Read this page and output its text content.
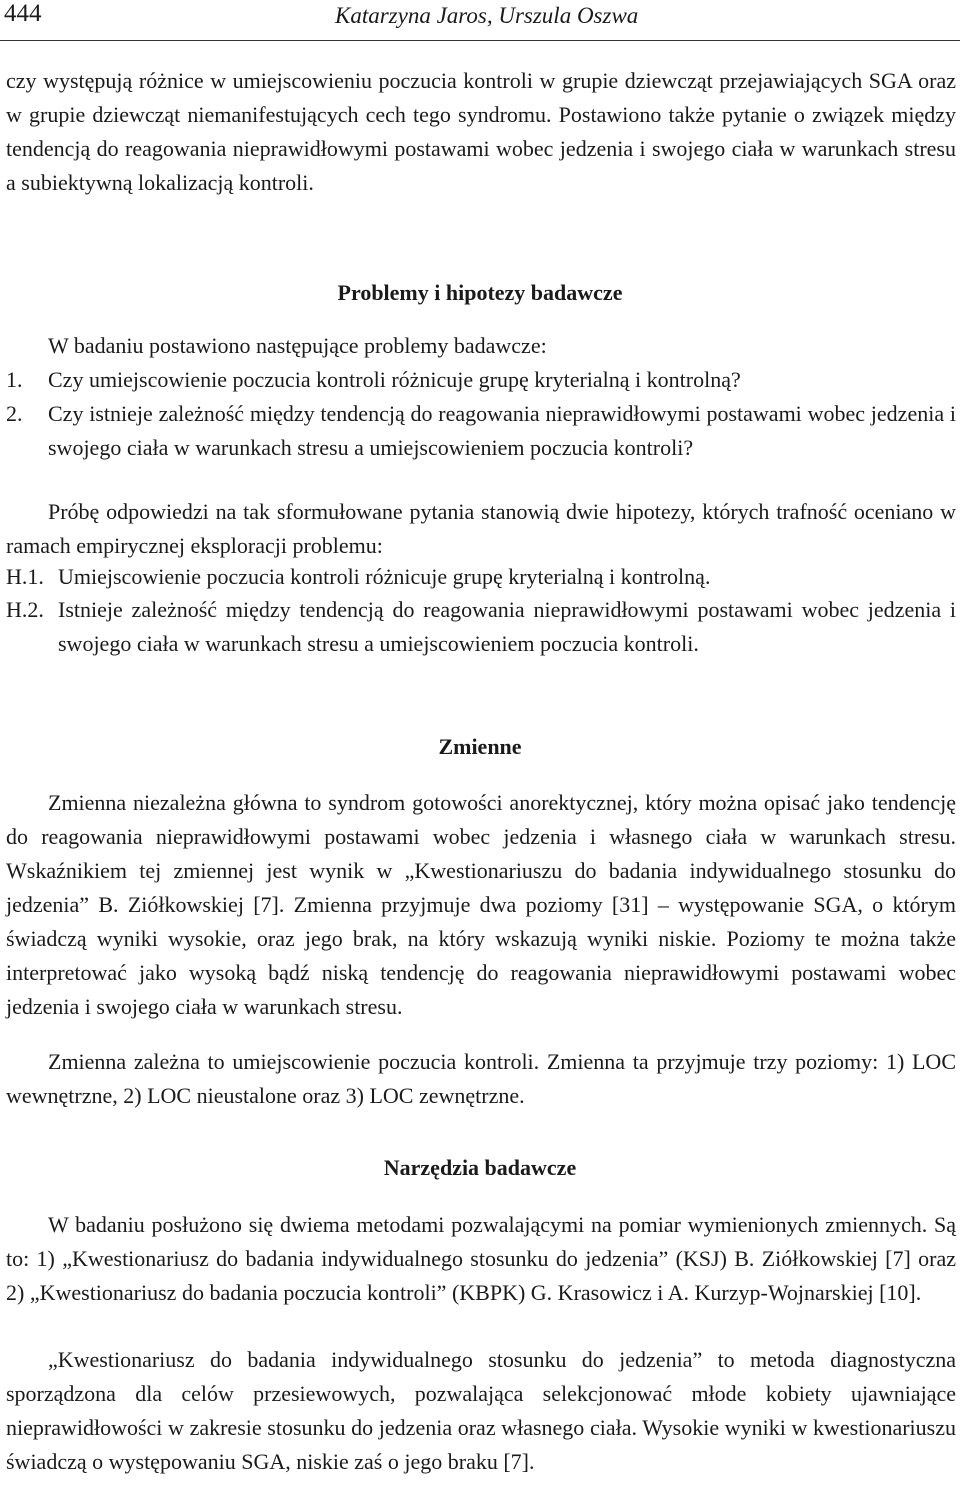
444	Katarzyna Jaros, Urszula Oszwa

czy występują różnice w umiejscowieniu poczucia kontroli w grupie dziewcząt przejawiających SGA oraz w grupie dziewcząt niemanifestujących cech tego syndromu. Postawiono także pytanie o związek między tendencją do reagowania nieprawidłowymi postawami wobec jedzenia i swojego ciała w warunkach stresu a subiektywną lokalizacją kontroli.

Problemy i hipotezy badawcze

W badaniu postawiono następujące problemy badawcze:

1. Czy umiejscowienie poczucia kontroli różnicuje grupę kryterialną i kontrolną?

2. Czy istnieje zależność między tendencją do reagowania nieprawidłowymi postawami wobec jedzenia i swojego ciała w warunkach stresu a umiejscowieniem poczucia kontroli?

Próbę odpowiedzi na tak sformułowane pytania stanowią dwie hipotezy, których trafność oceniano w ramach empirycznej eksploracji problemu:

H.1. Umiejscowienie poczucia kontroli różnicuje grupę kryterialną i kontrolną.

H.2. Istnieje zależność między tendencją do reagowania nieprawidłowymi postawami wobec jedzenia i swojego ciała w warunkach stresu a umiejscowieniem poczucia kontroli.

Zmienne

Zmienna niezależna główna to syndrom gotowości anorektycznej, który można opisać jako tendencję do reagowania nieprawidłowymi postawami wobec jedzenia i własnego ciała w warunkach stresu. Wskaźnikiem tej zmiennej jest wynik w „Kwestionariuszu do badania indywidualnego stosunku do jedzenia” B. Ziółkowskiej [7]. Zmienna przyjmuje dwa poziomy [31] – występowanie SGA, o którym świadczą wyniki wysokie, oraz jego brak, na który wskazują wyniki niskie. Poziomy te można także interpretować jako wysoką bądź niską tendencję do reagowania nieprawidłowymi postawami wobec jedzenia i swojego ciała w warunkach stresu.

Zmienna zależna to umiejscowienie poczucia kontroli. Zmienna ta przyjmuje trzy poziomy: 1) LOC wewnętrzne, 2) LOC nieustalone oraz 3) LOC zewnętrzne.

Narzędzia badawcze

W badaniu posłużono się dwiema metodami pozwalającymi na pomiar wymienionych zmiennych. Są to: 1) „Kwestionariusz do badania indywidualnego stosunku do jedzenia” (KSJ) B. Ziółkowskiej [7] oraz 2) „Kwestionariusz do badania poczucia kontroli” (KBPK) G. Krasowicz i A. Kurzyp-Wojnarskiej [10].

„Kwestionariusz do badania indywidualnego stosunku do jedzenia” to metoda diagnostyczna sporządzona dla celów przesiewowych, pozwalająca selekcjonować młode kobiety ujawniające nieprawidłowości w zakresie stosunku do jedzenia oraz własnego ciała. Wysokie wyniki w kwestionariuszu świadczą o występowaniu SGA, niskie zaś o jego braku [7].
